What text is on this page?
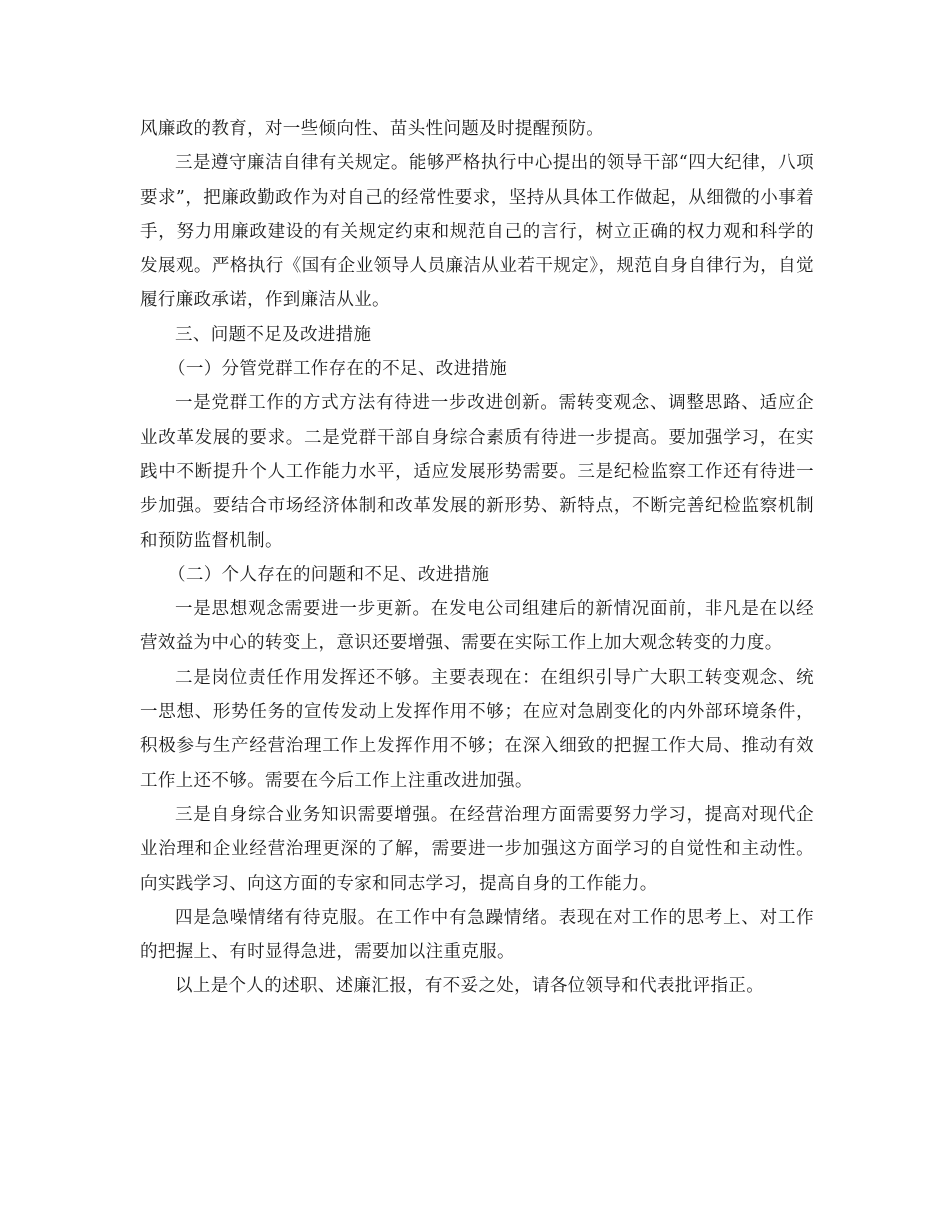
风廉政的教育，对一些倾向性、苗头性问题及时提醒预防。

三是遵守廉洁自律有关规定。能够严格执行中心提出的领导干部“四大纪律，八项要求”，把廉政勤政作为对自己的经常性要求，坚持从具体工作做起，从细微的小事着手，努力用廉政建设的有关规定约束和规范自己的言行，树立正确的权力观和科学的发展观。严格执行《国有企业领导人员廉洁从业若干规定》，规范自身自律行为，自觉履行廉政承诺，作到廉洁从业。

三、问题不足及改进措施

（一）分管党群工作存在的不足、改进措施

一是党群工作的方式方法有待进一步改进创新。需转变观念、调整思路、适应企业改革发展的要求。二是党群干部自身综合素质有待进一步提高。要加强学习，在实践中不断提升个人工作能力水平，适应发展形势需要。三是纪检监察工作还有待进一步加强。要结合市场经济体制和改革发展的新形势、新特点，不断完善纪检监察机制和预防监督机制。

（二）个人存在的问题和不足、改进措施

一是思想观念需要进一步更新。在发电公司组建后的新情况面前，非凡是在以经营效益为中心的转变上，意识还要增强、需要在实际工作上加大观念转变的力度。

二是岗位责任作用发挥还不够。主要表现在：在组织引导广大职工转变观念、统一思想、形势任务的宣传发动上发挥作用不够；在应对急剧变化的内外部环境条件，积极参与生产经营治理工作上发挥作用不够；在深入细致的把握工作大局、推动有效工作上还不够。需要在今后工作上注重改进加强。

三是自身综合业务知识需要增强。在经营治理方面需要努力学习，提高对现代企业治理和企业经营治理更深的了解，需要进一步加强这方面学习的自觉性和主动性。向实践学习、向这方面的专家和同志学习，提高自身的工作能力。

四是急噪情绪有待克服。在工作中有急躁情绪。表现在对工作的思考上、对工作的把握上、有时显得急进，需要加以注重克服。

以上是个人的述职、述廉汇报，有不妥之处，请各位领导和代表批评指正。
